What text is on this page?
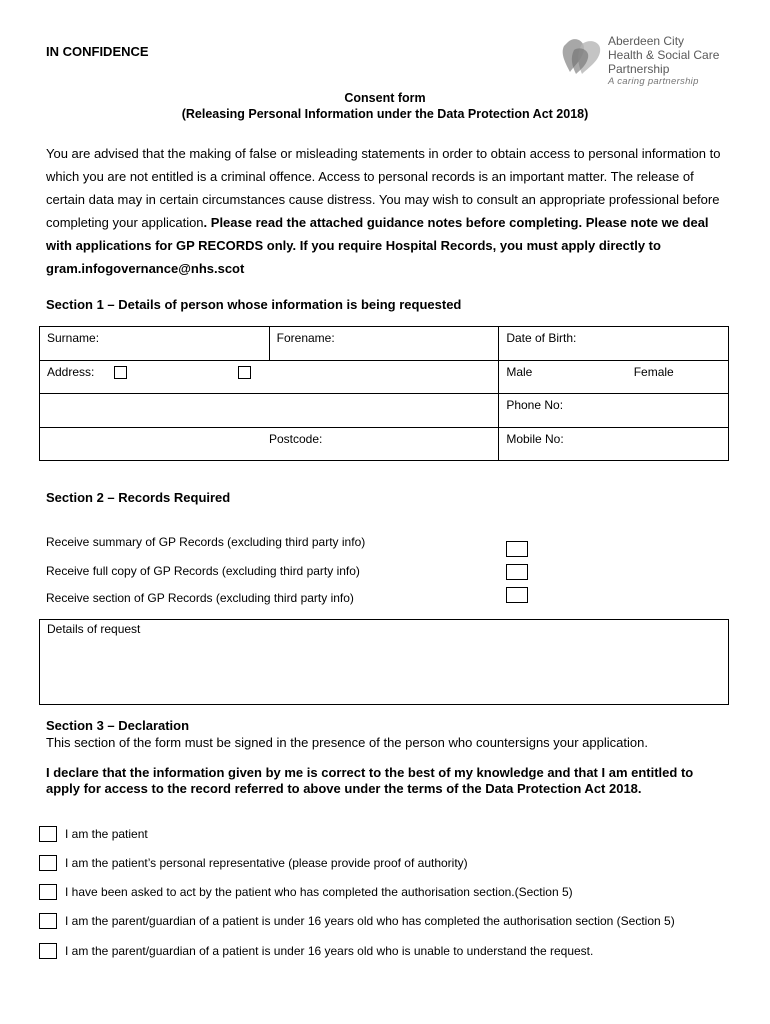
IN CONFIDENCE
Aberdeen City
Health & Social Care
Partnership
A caring partnership
Consent form
(Releasing Personal Information under the Data Protection Act 2018)
You are advised that the making of false or misleading statements in order to obtain access to personal information to which you are not entitled is a criminal offence. Access to personal records is an important matter. The release of certain data may in certain circumstances cause distress. You may wish to consult an appropriate professional before completing your application. Please read the attached guidance notes before completing. Please note we deal with applications for GP RECORDS only. If you require Hospital Records, you must apply directly to gram.infogovernance@nhs.scot
Section 1 – Details of person whose information is being requested
Surname:	Forename:	Date of Birth:
Address:		Male Female
		Phone No:
Postcode:		Mobile No:
Section 2 – Records Required
Receive summary of GP Records (excluding third party info)
Receive full copy of GP Records (excluding third party info)
Receive section of GP Records (excluding third party info)
Details of request
Section 3 – Declaration
This section of the form must be signed in the presence of the person who countersigns your application.
I declare that the information given by me is correct to the best of my knowledge and that I am entitled to apply for access to the record referred to above under the terms of the Data Protection Act 2018.
I am the patient
I am the patient’s personal representative (please provide proof of authority)
I have been asked to act by the patient who has completed the authorisation section.(Section 5)
I am the parent/guardian of a patient is under 16 years old who has completed the authorisation section (Section 5)
I am the parent/guardian of a patient is under 16 years old who is unable to understand the request.
